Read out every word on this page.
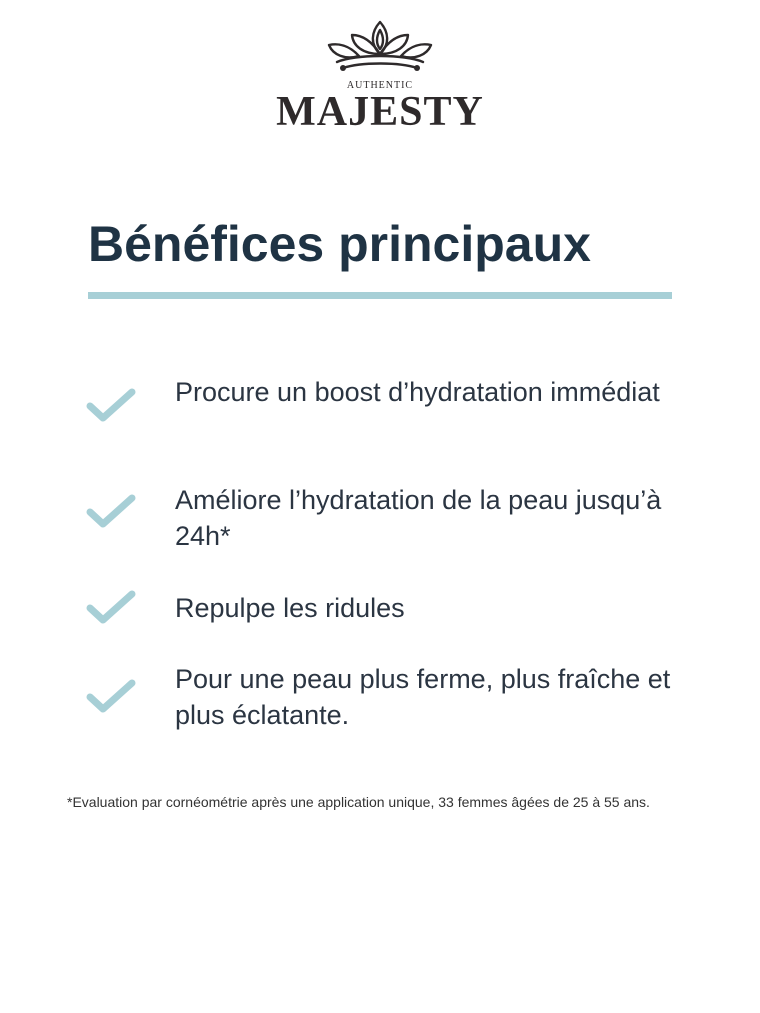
AUTHENTIC
MAJESTY
Bénéfices principaux
Procure un boost d’hydratation immédiat
Améliore l’hydratation de la peau jusqu’à 24h*
Repulpe les ridules
Pour une peau plus ferme, plus fraîche et plus éclatante.

*Evaluation par cornéométrie après une application unique, 33 femmes âgées de 25 à 55 ans.
